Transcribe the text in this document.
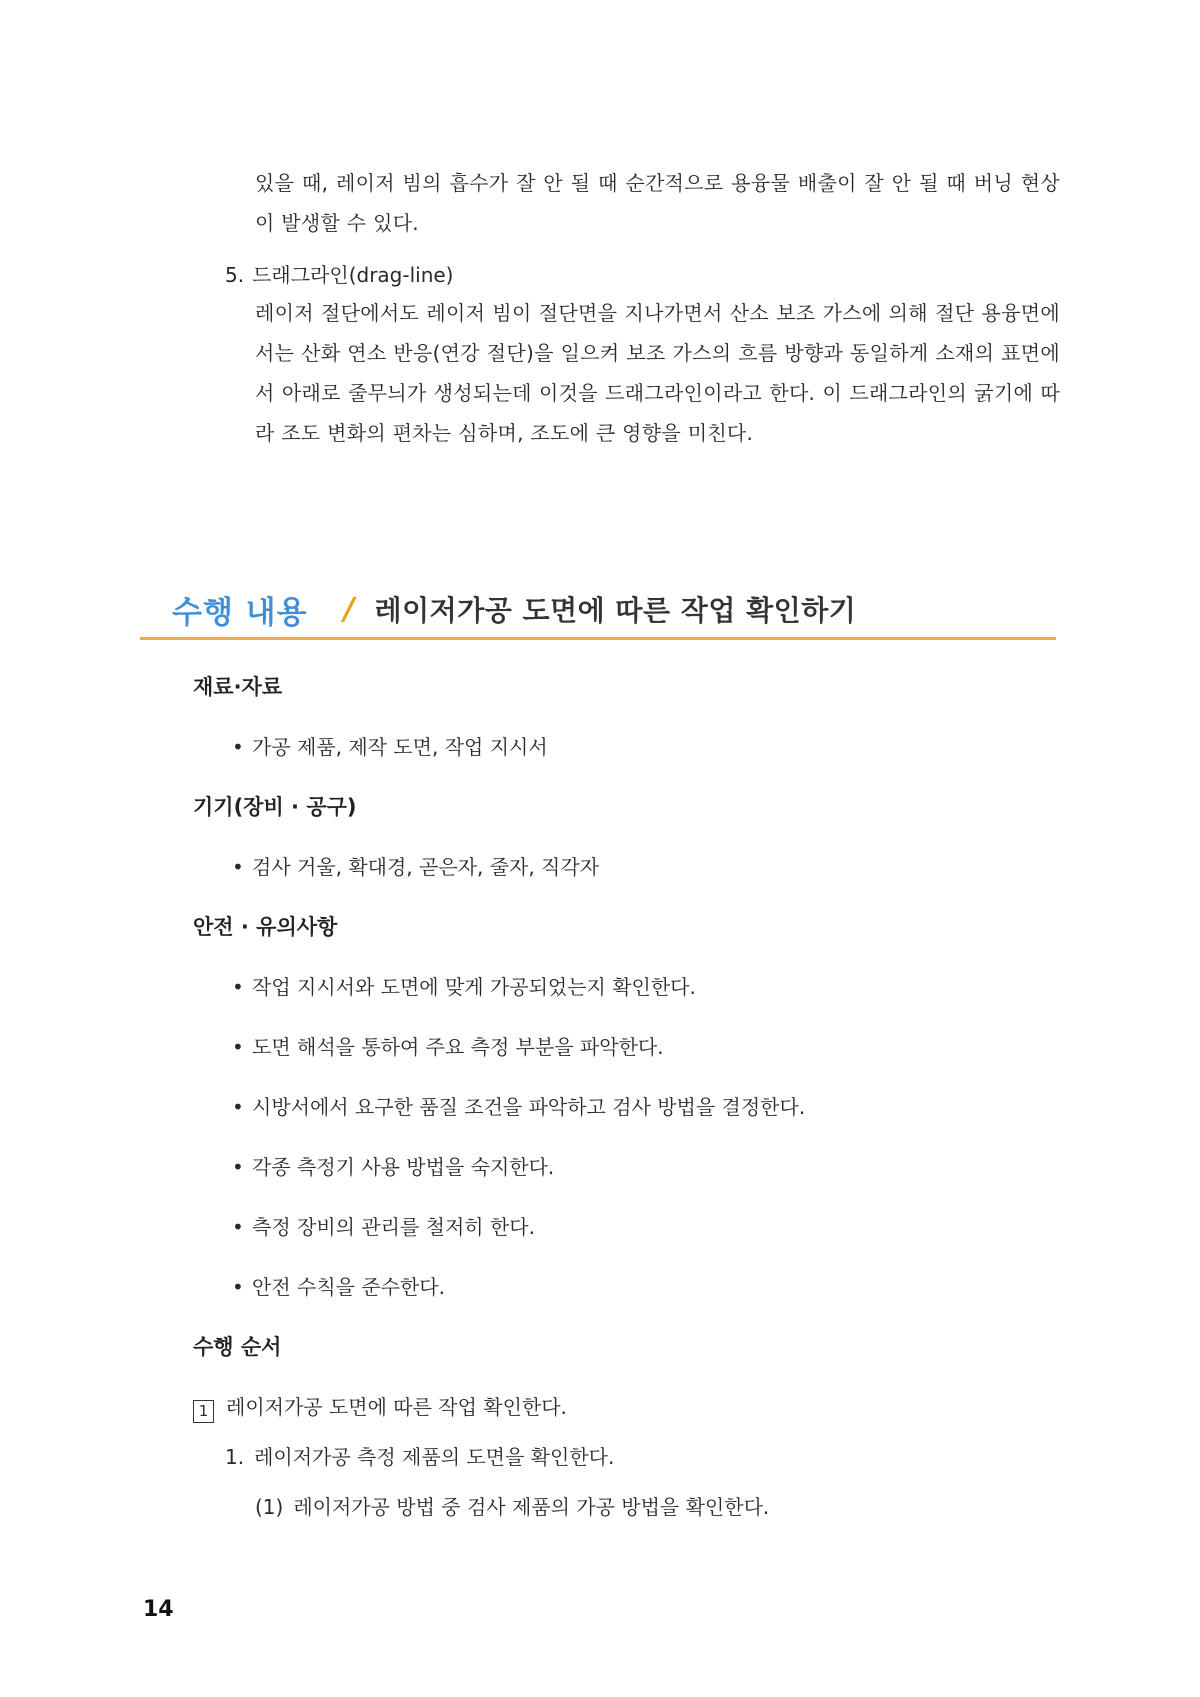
있을 때, 레이저 빔의 흡수가 잘 안 될 때 순간적으로 용융물 배출이 잘 안 될 때 버닝 현상이 발생할 수 있다.
5. 드래그라인(drag-line)
레이저 절단에서도 레이저 빔이 절단면을 지나가면서 산소 보조 가스에 의해 절단 용융면에서는 산화 연소 반응(연강 절단)을 일으켜 보조 가스의 흐름 방향과 동일하게 소재의 표면에서 아래로 줄무늬가 생성되는데 이것을 드래그라인이라고 한다. 이 드래그라인의 굵기에 따라 조도 변화의 편차는 심하며, 조도에 큰 영향을 미친다.
수행 내용 / 레이저가공 도면에 따른 작업 확인하기
재료·자료
• 가공 제품, 제작 도면, 작업 지시서
기기(장비 · 공구)
• 검사 거울, 확대경, 곧은자, 줄자, 직각자
안전 · 유의사항
• 작업 지시서와 도면에 맞게 가공되었는지 확인한다.
• 도면 해석을 통하여 주요 측정 부분을 파악한다.
• 시방서에서 요구한 품질 조건을 파악하고 검사 방법을 결정한다.
• 각종 측정기 사용 방법을 숙지한다.
• 측정 장비의 관리를 철저히 한다.
• 안전 수칙을 준수한다.
수행 순서
1 레이저가공 도면에 따른 작업 확인한다.
1. 레이저가공 측정 제품의 도면을 확인한다.
(1) 레이저가공 방법 중 검사 제품의 가공 방법을 확인한다.
14
